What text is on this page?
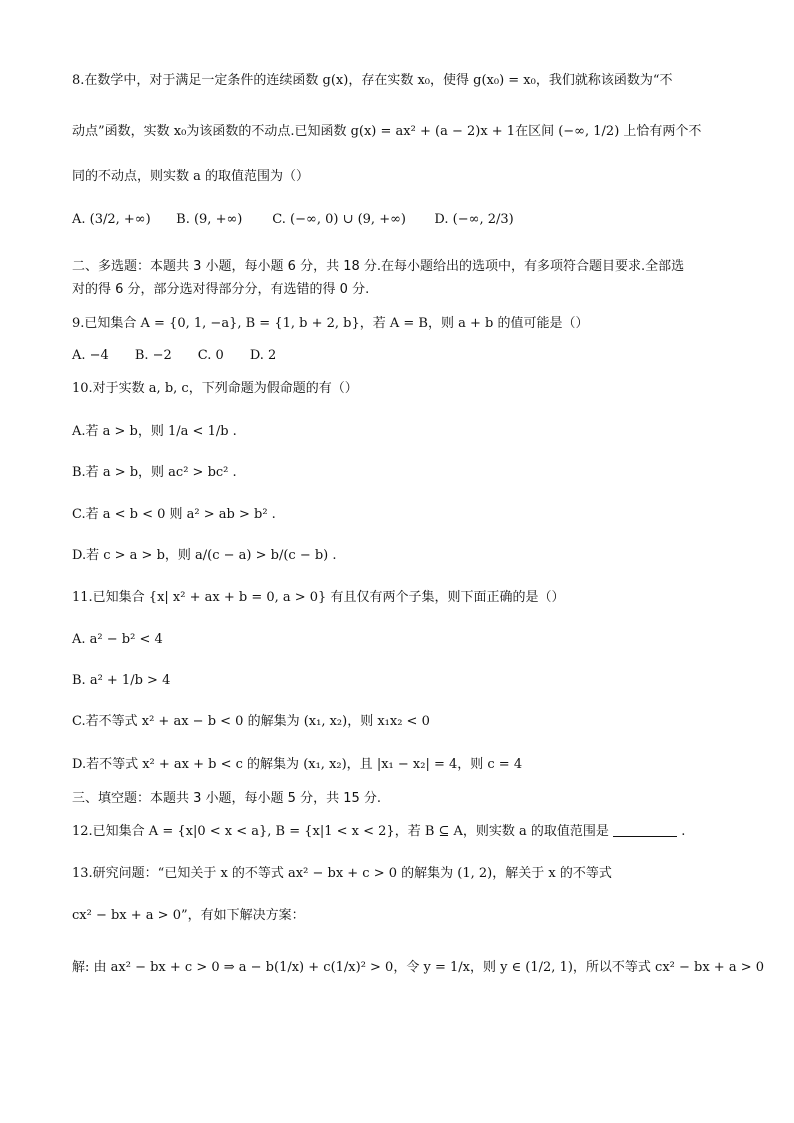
8.在数学中，对于满足一定条件的连续函数 g(x)，存在实数 x₀，使得 g(x₀) = x₀，我们就称该函数为“不
动点”函数，实数 x₀为该函数的不动点.已知函数 g(x) = ax² + (a − 2)x + 1在区间 (−∞, 1/2) 上恰有两个不
同的不动点，则实数 a 的取值范围为（）
A. (3/2, +∞) B. (9, +∞) C. (−∞, 0) ∪ (9, +∞) D. (−∞, 2/3)
二、多选题：本题共 3 小题，每小题 6 分，共 18 分.在每小题给出的选项中，有多项符合题目要求.全部选
对的得 6 分，部分选对得部分分，有选错的得 0 分.
9.已知集合 A = {0, 1, −a}, B = {1, b + 2, b}，若 A = B，则 a + b 的值可能是（）
A. −4　　B. −2　　C. 0　　D. 2
10.对于实数 a, b, c，下列命题为假命题的有（）
A.若 a > b，则 1/a < 1/b .
B.若 a > b，则 ac² > bc² .
C.若 a < b < 0 则 a² > ab > b² .
D.若 c > a > b，则 a/(c − a) > b/(c − b) .
11.已知集合 {x| x² + ax + b = 0, a > 0} 有且仅有两个子集，则下面正确的是（）
A. a² − b² < 4
B. a² + 1/b > 4
C.若不等式 x² + ax − b < 0 的解集为 (x₁, x₂)，则 x₁x₂ < 0
D.若不等式 x² + ax + b < c 的解集为 (x₁, x₂)，且 |x₁ − x₂| = 4，则 c = 4
三、填空题：本题共 3 小题，每小题 5 分，共 15 分.
12.已知集合 A = {x|0 < x < a}, B = {x|1 < x < 2}，若 B ⊆ A，则实数 a 的取值范围是	.
13.研究问题：“已知关于 x 的不等式 ax² − bx + c > 0 的解集为 (1, 2)，解关于 x 的不等式
cx² − bx + a > 0”，有如下解决方案：
解: 由 ax² − bx + c > 0 ⇒ a − b(1/x) + c(1/x)² > 0，令 y = 1/x，则 y ∈ (1/2, 1)，所以不等式 cx² − bx + a > 0
